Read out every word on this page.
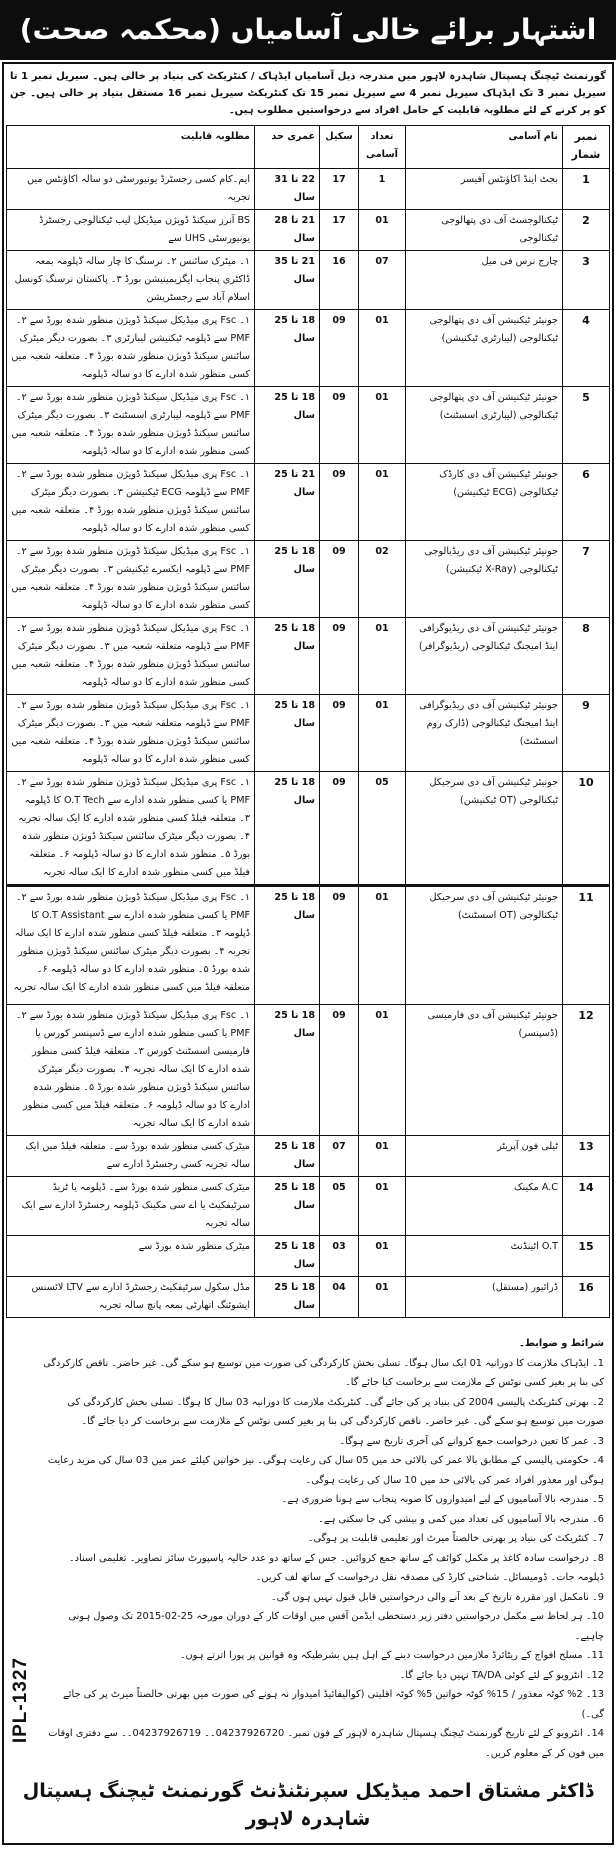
اشتہار برائے خالی آسامیاں (محکمہ صحت)
گورنمنٹ ٹیچنگ ہسپتال شاہدرہ لاہور میں مندرجہ ذیل آسامیاں ایڈہاک / کنٹریکٹ کی بنیاد پر خالی ہیں۔ سیریل نمبر 1 تا سیریل نمبر 3 تک ایڈہاک سیریل نمبر 4 سے سیریل نمبر 15 تک کنٹریکٹ سیریل نمبر 16 مستقل بنیاد پر خالی ہیں۔ جن کو پر کرنے کے لئے مطلوبہ قابلیت کے حامل افراد سے درخواستیں مطلوب ہیں۔
نمبر شمار	نام آسامی	تعداد آسامی	سکیل	عمری حد	مطلوبہ قابلیت
1	بجٹ اینڈ اکاؤنٹس آفیسر	1	17	22 تا 31 سال	ایم۔کام کسی رجسٹرڈ یونیورسٹی دو سالہ اکاؤنٹس میں تجربہ
2	ٹیکنالوجسٹ آف دی پتھالوجی ٹیکنالوجی	01	17	21 تا 28 سال	BS آنرز سیکنڈ ڈویژن میڈیکل لیب ٹیکنالوجی رجسٹرڈ یونیورسٹی UHS سے
3	چارج نرس فی میل	07	16	21 تا 35 سال	۱۔ میٹرک سائنس ۲۔ نرسنگ کا چار سالہ ڈپلومہ بمعہ ڈاکٹری پنجاب ایگزیمینیشن بورڈ ۳۔ پاکستان نرسنگ کونسل اسلام آباد سے رجسٹریشن
4	جونیئر ٹیکنیشن آف دی پتھالوجی ٹیکنالوجی (لیبارٹری ٹیکنیشن)	01	09	18 تا 25 سال	۱۔ Fsc پری میڈیکل سیکنڈ ڈویژن منظور شدہ بورڈ سے ۲۔ PMF سے ڈپلومہ ٹیکنیشن لیبارٹری ۳۔ بصورت دیگر میٹرک سائنس سیکنڈ ڈویژن منظور شدہ بورڈ ۴۔ متعلقہ شعبہ میں کسی منظور شدہ ادارے کا دو سالہ ڈپلومہ
5	جونیئر ٹیکنیشن آف دی پتھالوجی ٹیکنالوجی (لیبارٹری اسسٹنٹ)	01	09	18 تا 25 سال	۱۔ Fsc پری میڈیکل سیکنڈ ڈویژن منظور شدہ بورڈ سے ۲۔ PMF سے ڈپلومہ لیبارٹری اسسٹنٹ ۳۔ بصورت دیگر میٹرک سائنس سیکنڈ ڈویژن منظور شدہ بورڈ ۴۔ متعلقہ شعبہ میں کسی منظور شدہ ادارے کا دو سالہ ڈپلومہ
6	جونیئر ٹیکنیشن آف دی کارڈک ٹیکنالوجی (ECG ٹیکنیشن)	01	09	21 تا 25 سال	۱۔ Fsc پری میڈیکل سیکنڈ ڈویژن منظور شدہ بورڈ سے ۲۔ PMF سے ڈپلومہ ECG ٹیکنیشن ۳۔ بصورت دیگر میٹرک سائنس سیکنڈ ڈویژن منظور شدہ بورڈ ۴۔ متعلقہ شعبہ میں کسی منظور شدہ ادارے کا دو سالہ ڈپلومہ
7	جونیئر ٹیکنیشن آف دی ریڈیالوجی ٹیکنالوجی (X-Ray ٹیکنیشن)	02	09	18 تا 25 سال	۱۔ Fsc پری میڈیکل سیکنڈ ڈویژن منظور شدہ بورڈ سے ۲۔ PMF سے ڈپلومہ ایکسرے ٹیکنیشن ۳۔ بصورت دیگر میٹرک سائنس سیکنڈ ڈویژن منظور شدہ بورڈ ۴۔ متعلقہ شعبہ میں کسی منظور شدہ ادارے کا دو سالہ ڈپلومہ
8	جونیئر ٹیکنیشن آف دی ریڈیوگرافی اینڈ امیجنگ ٹیکنالوجی (ریڈیوگرافر)	01	09	18 تا 25 سال	۱۔ Fsc پری میڈیکل سیکنڈ ڈویژن منظور شدہ بورڈ سے ۲۔ PMF سے ڈپلومہ متعلقہ شعبہ میں ۳۔ بصورت دیگر میٹرک سائنس سیکنڈ ڈویژن منظور شدہ بورڈ ۴۔ متعلقہ شعبہ میں کسی منظور شدہ ادارے کا دو سالہ ڈپلومہ
9	جونیئر ٹیکنیشن آف دی ریڈیوگرافی اینڈ امیجنگ ٹیکنالوجی (ڈارک روم اسسٹنٹ)	01	09	18 تا 25 سال	۱۔ Fsc پری میڈیکل سیکنڈ ڈویژن منظور شدہ بورڈ سے ۲۔ PMF سے ڈپلومہ متعلقہ شعبہ میں ۳۔ بصورت دیگر میٹرک سائنس سیکنڈ ڈویژن منظور شدہ بورڈ ۴۔ متعلقہ شعبہ میں کسی منظور شدہ ادارے کا دو سالہ ڈپلومہ
10	جونیئر ٹیکنیشن آف دی سرجیکل ٹیکنالوجی (OT ٹیکنیشن)	05	09	18 تا 25 سال	۱۔ Fsc پری میڈیکل سیکنڈ ڈویژن منظور شدہ بورڈ سے ۲۔ PMF یا کسی منظور شدہ ادارے سے O.T Tech کا ڈپلومہ ۳۔ متعلقہ فیلڈ کسی منظور شدہ ادارے کا ایک سالہ تجربہ ۴۔ بصورت دیگر میٹرک سائنس سیکنڈ ڈویژن منظور شدہ بورڈ ۵۔ منظور شدہ ادارے کا دو سالہ ڈپلومہ ۶۔ متعلقہ فیلڈ میں کسی منظور شدہ ادارے کا ایک سالہ تجربہ
11	جونیئر ٹیکنیشن آف دی سرجیکل ٹیکنالوجی (OT اسسٹنٹ)	01	09	18 تا 25 سال	۱۔ Fsc پری میڈیکل سیکنڈ ڈویژن منظور شدہ بورڈ سے ۲۔ PMF یا کسی منظور شدہ ادارے سے O.T Assistant کا ڈپلومہ ۳۔ متعلقہ فیلڈ کسی منظور شدہ ادارے کا ایک سالہ تجربہ ۴۔ بصورت دیگر میٹرک سائنس سیکنڈ ڈویژن منظور شدہ بورڈ ۵۔ منظور شدہ ادارے کا دو سالہ ڈپلومہ ۶۔ متعلقہ فیلڈ میں کسی منظور شدہ ادارے کا ایک سالہ تجربہ
12	جونیئر ٹیکنیشن آف دی فارمیسی (ڈسپنسر)	01	09	18 تا 25 سال	۱۔ Fsc پری میڈیکل سیکنڈ ڈویژن منظور شدہ بورڈ سے ۲۔ PMF یا کسی منظور شدہ ادارے سے ڈسپنسر کورس یا فارمیسی اسسٹنٹ کورس ۳۔ متعلقہ فیلڈ کسی منظور شدہ ادارے کا ایک سالہ تجربہ ۴۔ بصورت دیگر میٹرک سائنس سیکنڈ ڈویژن منظور شدہ بورڈ ۵۔ منظور شدہ ادارے کا دو سالہ ڈپلومہ ۶۔ متعلقہ فیلڈ میں کسی منظور شدہ ادارے کا ایک سالہ تجربہ
13	ٹیلی فون آپریٹر	01	07	18 تا 25 سال	میٹرک کسی منظور شدہ بورڈ سے۔ متعلقہ فیلڈ میں ایک سالہ تجربہ کسی رجسٹرڈ ادارے سے
14	A.C مکینک	01	05	18 تا 25 سال	میٹرک کسی منظور شدہ بورڈ سے۔ ڈپلومہ یا ٹریڈ سرٹیفکیٹ یا اے سی مکینک ڈپلومہ رجسٹرڈ ادارے سے ایک سالہ تجربہ
15	O.T اٹینڈنٹ	01	03	18 تا 25 سال	میٹرک منظور شدہ بورڈ سے
16	ڈرائیور (مستقل)	01	04	18 تا 25 سال	مڈل سکول سرٹیفکیٹ رجسٹرڈ ادارے سے LTV لائسنس ایشوئنگ اتھارٹی بمعہ پانچ سالہ تجربہ
IPL-1327
شرائط و ضوابط۔
1۔ ایڈہاک ملازمت کا دورانیہ 01 ایک سال ہوگا۔ تسلی بخش کارکردگی کی صورت میں توسیع ہو سکے گی۔ غیر حاضر۔ ناقص کارکردگی کی بنا پر بغیر کسی نوٹس کے ملازمت سے برخاست کیا جائے گا۔
2۔ بھرتی کنٹریکٹ پالیسی 2004 کی بنیاد پر کی جائے گی۔ کنٹریکٹ ملازمت کا دورانیہ 03 سال کا ہوگا۔ تسلی بخش کارکردگی کی صورت میں توسیع ہو سکے گی۔ غیر حاضر۔ ناقص کارکردگی کی بنا پر بغیر کسی نوٹس کے ملازمت سے برخاست کر دیا جائے گا۔
3۔ عمر کا تعین درخواست جمع کروانے کی آخری تاریخ سے ہوگا۔
4۔ حکومتی پالیسی کے مطابق بالا عمر کی بالائی حد میں 05 سال کی رعایت ہوگی۔ نیز خواتین کیلئے عمر میں 03 سال کی مزید رعایت ہوگی اور معذور افراد عمر کی بالائی حد میں 10 سال کی رعایت ہوگی۔
5۔ مندرجہ بالا آسامیوں کے لیے امیدواروں کا صوبہ پنجاب سے ہونا ضروری ہے۔
6۔ مندرجہ بالا آسامیوں کی تعداد میں کمی و بیشی کی جا سکتی ہے۔
7۔ کنٹریکٹ کی بنیاد پر بھرتی خالصتاً میرٹ اور تعلیمی قابلیت پر ہوگی۔
8۔ درخواست سادہ کاغذ پر مکمل کوائف کے ساتھ جمع کروائیں۔ جس کے ساتھ دو عدد حالیہ پاسپورٹ سائز تصاویر۔ تعلیمی اسناد۔ ڈپلومہ جات۔ ڈومیسائل۔ شناختی کارڈ کی مصدقہ نقل درخواست کے ساتھ لف کریں۔
9۔ نامکمل اور مقررہ تاریخ کے بعد آنے والی درخواستیں قابل قبول نہیں ہوں گی۔
10۔ ہر لحاظ سے مکمل درخواستیں دفتر زیر دستخطی ایڈمن آفس میں اوقات کار کے دوران مورخہ 25-02-2015 تک وصول ہونی چاہیے۔
11۔ مسلح افواج کے ریٹائرڈ ملازمین درخواست دینے کے اہل ہیں بشرطیکہ وہ قوانین پر پورا اترتے ہوں۔
12۔ انٹرویو کے لئے کوئی TA/DA نہیں دیا جائے گا۔
13۔ 2% کوٹہ معذور / 15% کوٹہ خواتین 5% کوٹہ اقلیتی (کوالیفائیڈ امیدوار نہ ہونے کی صورت میں بھرتی خالصتاً میرٹ پر کی جائے گی۔)
14۔ انٹرویو کے لئے تاریخ گورنمنٹ ٹیچنگ ہسپتال شاہدرہ لاہور کے فون نمبر۔ 04237926720۔۔ 04237926719۔۔ سے دفتری اوقات میں فون کر کے معلوم کریں۔
ڈاکٹر مشتاق احمد میڈیکل سپرنٹنڈنٹ گورنمنٹ ٹیچنگ ہسپتال شاہدرہ لاہور
